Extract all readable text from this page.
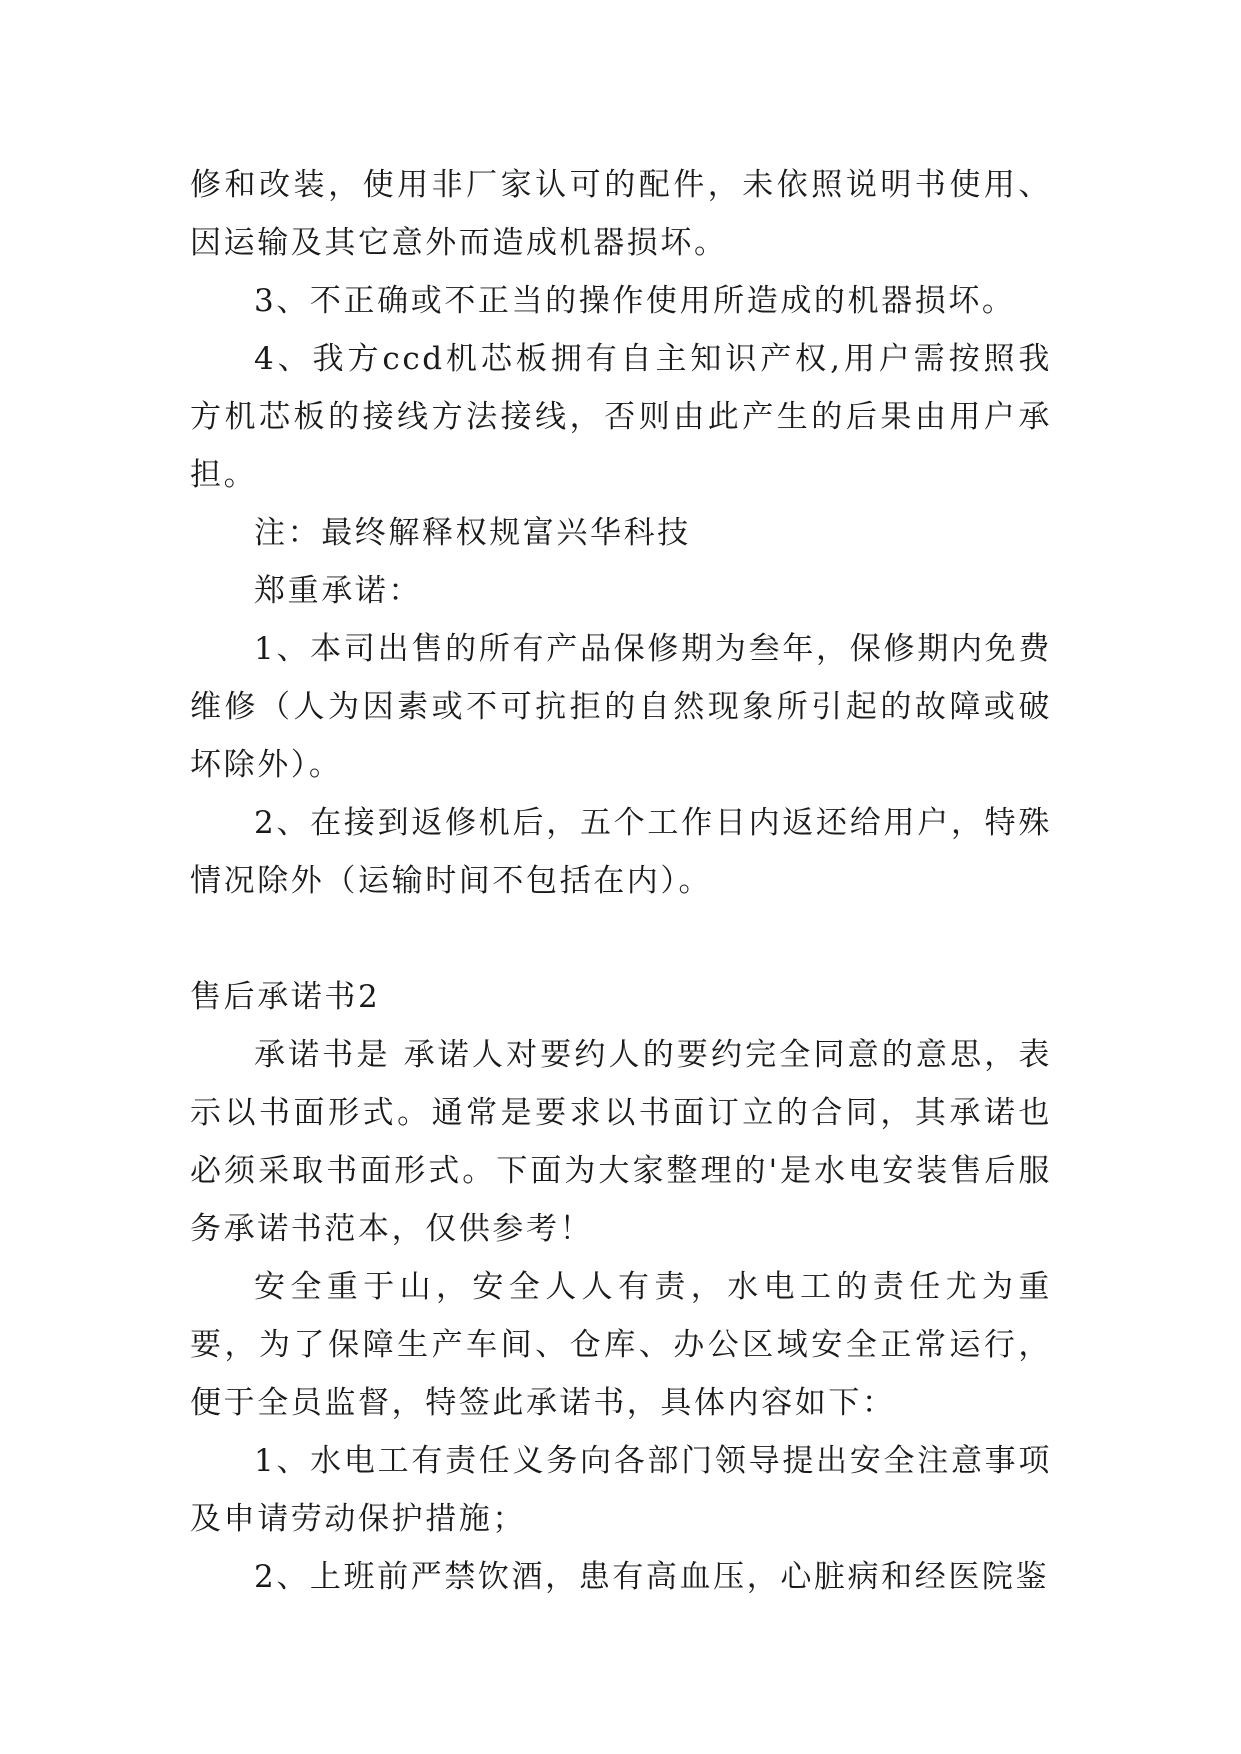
修和改装，使用非厂家认可的配件，未依照说明书使用、因运输及其它意外而造成机器损坏。

3、不正确或不正当的操作使用所造成的机器损坏。

4、我方ccd机芯板拥有自主知识产权,用户需按照我方机芯板的接线方法接线，否则由此产生的后果由用户承担。

注：最终解释权规富兴华科技

郑重承诺：

1、本司出售的所有产品保修期为叁年，保修期内免费维修（人为因素或不可抗拒的自然现象所引起的故障或破坏除外）。

2、在接到返修机后，五个工作日内返还给用户，特殊情况除外（运输时间不包括在内）。

售后承诺书2

承诺书是 承诺人对要约人的要约完全同意的意思，表示以书面形式。通常是要求以书面订立的合同，其承诺也必须采取书面形式。下面为大家整理的'是水电安装售后服务承诺书范本，仅供参考！

安全重于山，安全人人有责，水电工的责任尤为重要，为了保障生产车间、仓库、办公区域安全正常运行，便于全员监督，特签此承诺书，具体内容如下：

1、水电工有责任义务向各部门领导提出安全注意事项及申请劳动保护措施；

2、上班前严禁饮酒，患有高血压，心脏病和经医院鉴
